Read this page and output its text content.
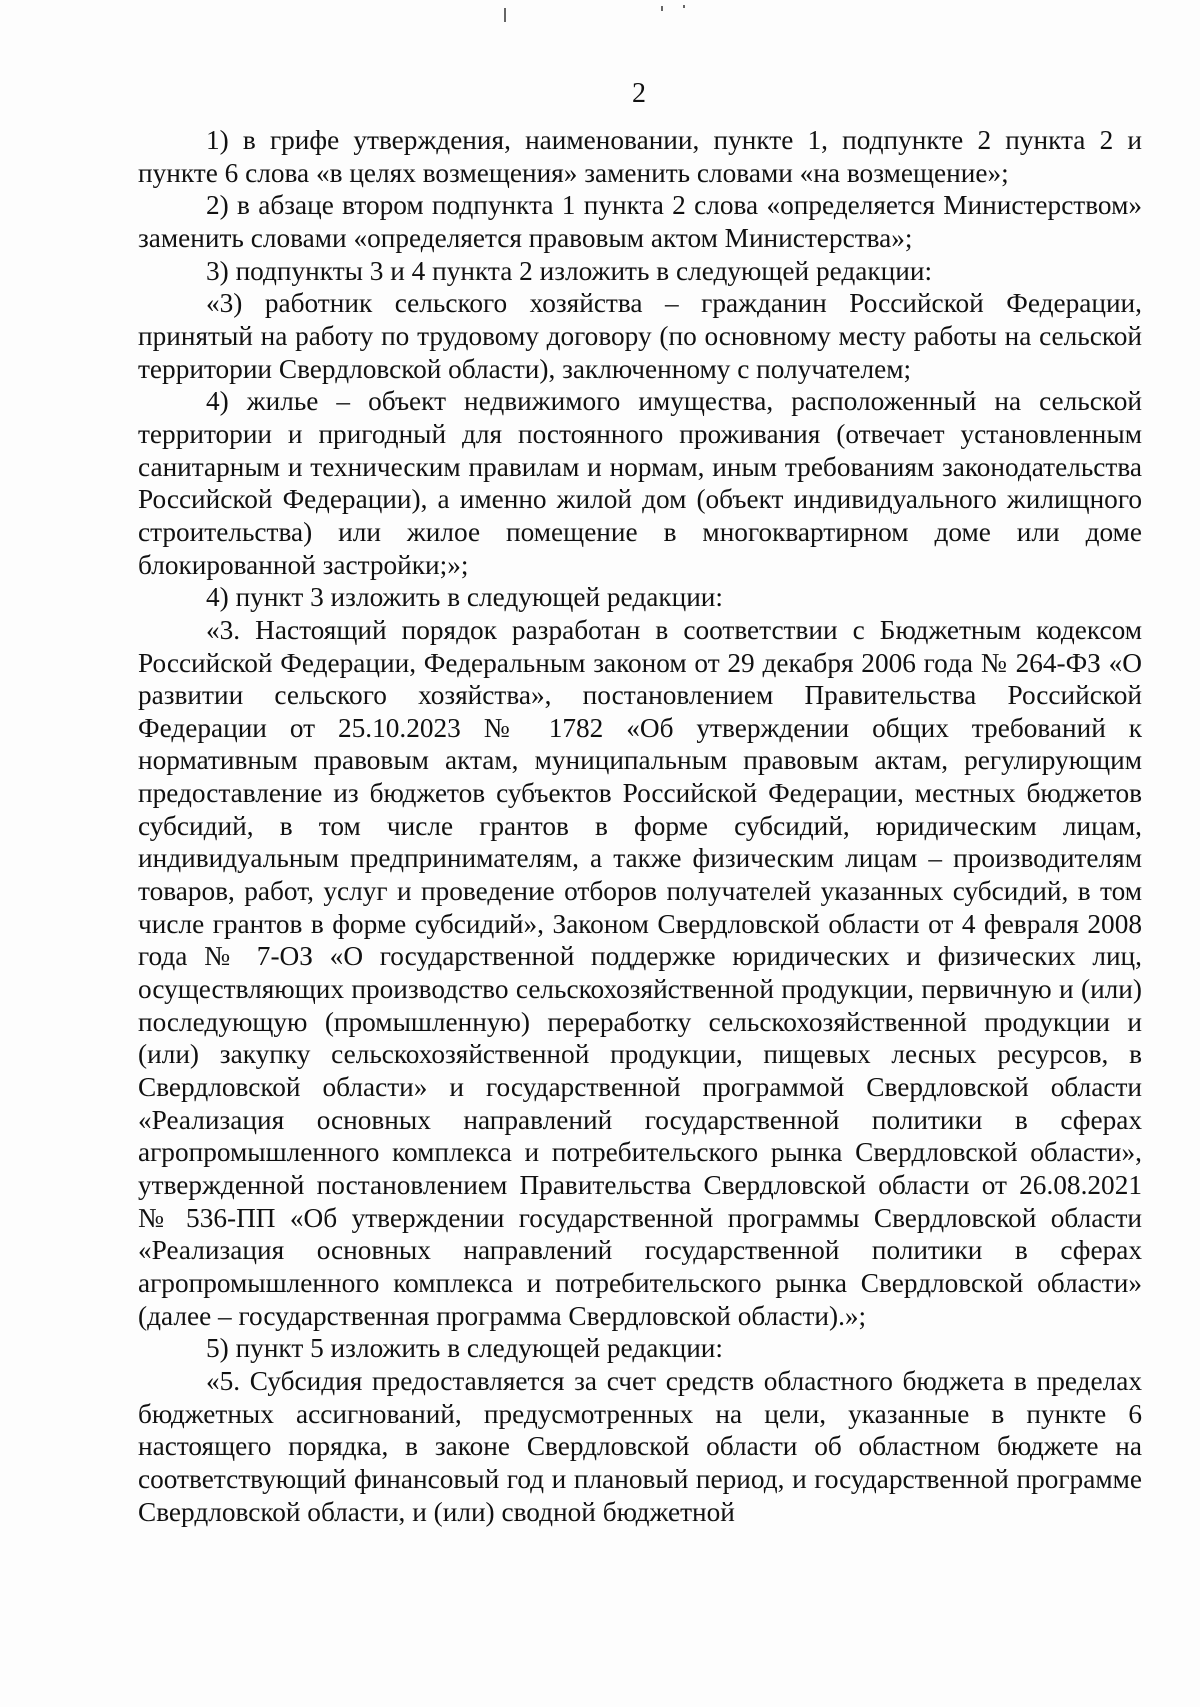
2

1) в грифе утверждения, наименовании, пункте 1, подпункте 2 пункта 2 и пункте 6 слова «в целях возмещения» заменить словами «на возмещение»;

2) в абзаце втором подпункта 1 пункта 2 слова «определяется Министерством» заменить словами «определяется правовым актом Министерства»;

3) подпункты 3 и 4 пункта 2 изложить в следующей редакции:

«3) работник сельского хозяйства – гражданин Российской Федерации, принятый на работу по трудовому договору (по основному месту работы на сельской территории Свердловской области), заключенному с получателем;

4) жилье – объект недвижимого имущества, расположенный на сельской территории и пригодный для постоянного проживания (отвечает установленным санитарным и техническим правилам и нормам, иным требованиям законодательства Российской Федерации), а именно жилой дом (объект индивидуального жилищного строительства) или жилое помещение в многоквартирном доме или доме блокированной застройки;»;

4) пункт 3 изложить в следующей редакции:

«3. Настоящий порядок разработан в соответствии с Бюджетным кодексом Российской Федерации, Федеральным законом от 29 декабря 2006 года № 264-ФЗ «О развитии сельского хозяйства», постановлением Правительства Российской Федерации от 25.10.2023 № 1782 «Об утверждении общих требований к нормативным правовым актам, муниципальным правовым актам, регулирующим предоставление из бюджетов субъектов Российской Федерации, местных бюджетов субсидий, в том числе грантов в форме субсидий, юридическим лицам, индивидуальным предпринимателям, а также физическим лицам – производителям товаров, работ, услуг и проведение отборов получателей указанных субсидий, в том числе грантов в форме субсидий», Законом Свердловской области от 4 февраля 2008 года № 7-ОЗ «О государственной поддержке юридических и физических лиц, осуществляющих производство сельскохозяйственной продукции, первичную и (или) последующую (промышленную) переработку сельскохозяйственной продукции и (или) закупку сельскохозяйственной продукции, пищевых лесных ресурсов, в Свердловской области» и государственной программой Свердловской области «Реализация основных направлений государственной политики в сферах агропромышленного комплекса и потребительского рынка Свердловской области», утвержденной постановлением Правительства Свердловской области от 26.08.2021 № 536-ПП «Об утверждении государственной программы Свердловской области «Реализация основных направлений государственной политики в сферах агропромышленного комплекса и потребительского рынка Свердловской области» (далее – государственная программа Свердловской области).»;

5) пункт 5 изложить в следующей редакции:

«5. Субсидия предоставляется за счет средств областного бюджета в пределах бюджетных ассигнований, предусмотренных на цели, указанные в пункте 6 настоящего порядка, в законе Свердловской области об областном бюджете на соответствующий финансовый год и плановый период, и государственной программе Свердловской области, и (или) сводной бюджетной
